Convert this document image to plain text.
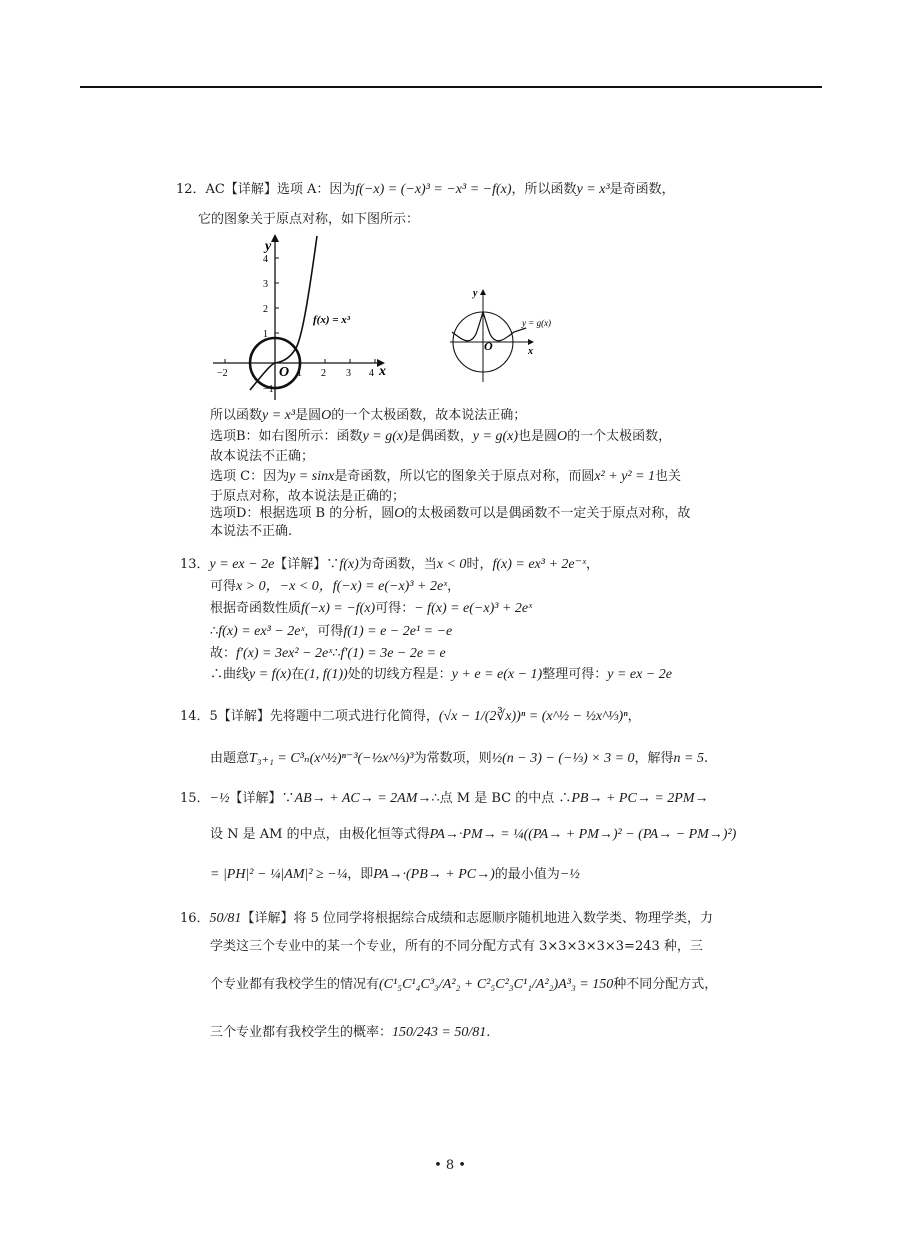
12．AC【详解】选项 A：因为f(−x) = (−x)³ = −x³ = −f(x)，所以函数y = x³是奇函数，
它的图象关于原点对称，如下图所示：
y
x
4
3
2
1
−2	1 2 3 4
O
−1
f(x) = x³
y
x
O
y = g(x)
所以函数y = x³是圆O的一个太极函数，故本说法正确；
选项B：如右图所示：函数y = g(x)是偶函数，y = g(x)也是圆O的一个太极函数，
故本说法不正确；
选项 C：因为y = sinx是奇函数，所以它的图象关于原点对称，而圆x² + y² = 1也关
于原点对称，故本说法是正确的；
选项D：根据选项 B 的分析，圆O的太极函数可以是偶函数不一定关于原点对称，故
本说法不正确.
13．y = ex − 2e【详解】∵f(x)为奇函数，当x < 0时，f(x) = ex³ + 2e⁻ˣ，
可得x > 0，−x < 0，f(−x) = e(−x)³ + 2eˣ，
根据奇函数性质f(−x) = −f(x)可得：− f(x) = e(−x)³ + 2eˣ
∴f(x) = ex³ − 2eˣ，可得f(1) = e − 2e¹ = −e
故：f′(x) = 3ex² − 2eˣ∴f′(1) = 3e − 2e = e
∴曲线y = f(x)在(1, f(1))处的切线方程是：y + e = e(x − 1)整理可得：y = ex − 2e
14．5【详解】先将题中二项式进行化简得，(√x − 1/(2∛x))ⁿ = (x^½ − ½x^⅓)ⁿ，
由题意T₃₊₁ = C³ₙ(x^½)ⁿ⁻³(−½x^⅓)³为常数项，则½(n − 3) − (−⅓) × 3 = 0，解得n = 5.
15．−½【详解】∵AB→ + AC→ = 2AM→∴点 M 是 BC 的中点 ∴PB→ + PC→ = 2PM→
设 N 是 AM 的中点，由极化恒等式得PA→·PM→ = ¼((PA→ + PM→)² − (PA→ − PM→)²)
= |PH|² − ¼|AM|² ≥ −¼，即PA→·(PB→ + PC→)的最小值为−½
16．50/81【详解】将 5 位同学将根据综合成绩和志愿顺序随机地进入数学类、物理学类，力
学类这三个专业中的某一个专业，所有的不同分配方式有 3×3×3×3×3=243 种，三
个专业都有我校学生的情况有(C¹₅C¹₄C³₃/A²₂ + C²₅C²₃C¹₁/A²₂)A³₃ = 150种不同分配方式，
三个专业都有我校学生的概率：150/243 = 50/81.
• 8 •
